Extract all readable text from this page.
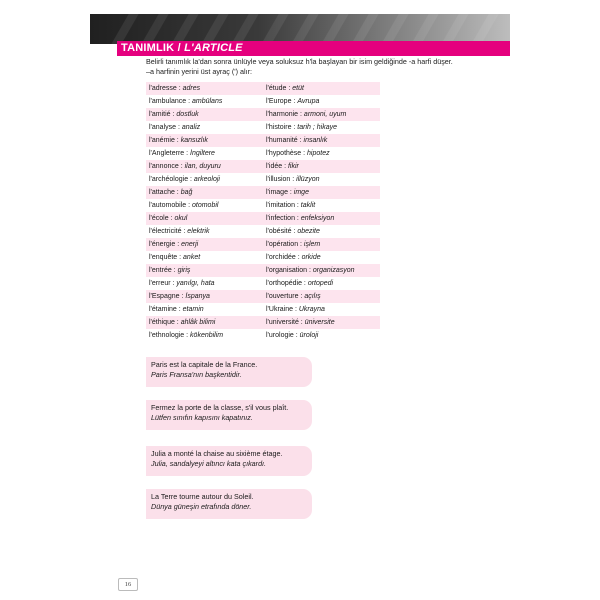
TANIMLIK / L'ARTICLE

Belirli tanımlık la'dan sonra ünlüyle veya soluksuz h'la başlayan bir isim geldiğinde -a harfi düşer.

–a harfinin yerini üst ayraç (') alır:

l'adresse : adres	l'étude : etüt
l'ambulance : ambülans	l'Europe : Avrupa
l'amitié : dostluk	l'harmonie : armoni, uyum
l'analyse : analiz	l'histoire : tarih ; hikaye
l'anémie : kansızlık	l'humanité : insanlık
l'Angleterre : İngiltere	l'hypothèse : hipotez
l'annonce : ilan, duyuru	l'idée : fikir
l'archéologie : arkeoloji	l'illusion : illüzyon
l'attache : bağ	l'image : imge
l'automobile : otomobil	l'imitation : taklit
l'école : okul	l'infection : enfeksiyon
l'électricité : elektrik	l'obésité : obezite
l'énergie : enerji	l'opération : işlem
l'enquête : anket	l'orchidée : orkide
l'entrée : giriş	l'organisation : organizasyon
l'erreur : yanılgı, hata	l'orthopédie : ortopedi
l'Espagne : İspanya	l'ouverture : açılış
l'étamine : etamin	l'Ukraine : Ukrayna
l'éthique : ahlâk bilimi	l'université : üniversite
l'ethnologie : kökenbilim	l'urologie : üroloji
Paris est la capitale de la France.
Paris Fransa'nın başkentidir.
Fermez la porte de la classe, s'il vous plaît.
Lütfen sınıfın kapısını kapatınız.
Julia a monté la chaise au sixième étage.
Julia, sandalyeyi altıncı kata çıkardı.
La Terre tourne autour du Soleil.
Dünya güneşin etrafında döner.
16
